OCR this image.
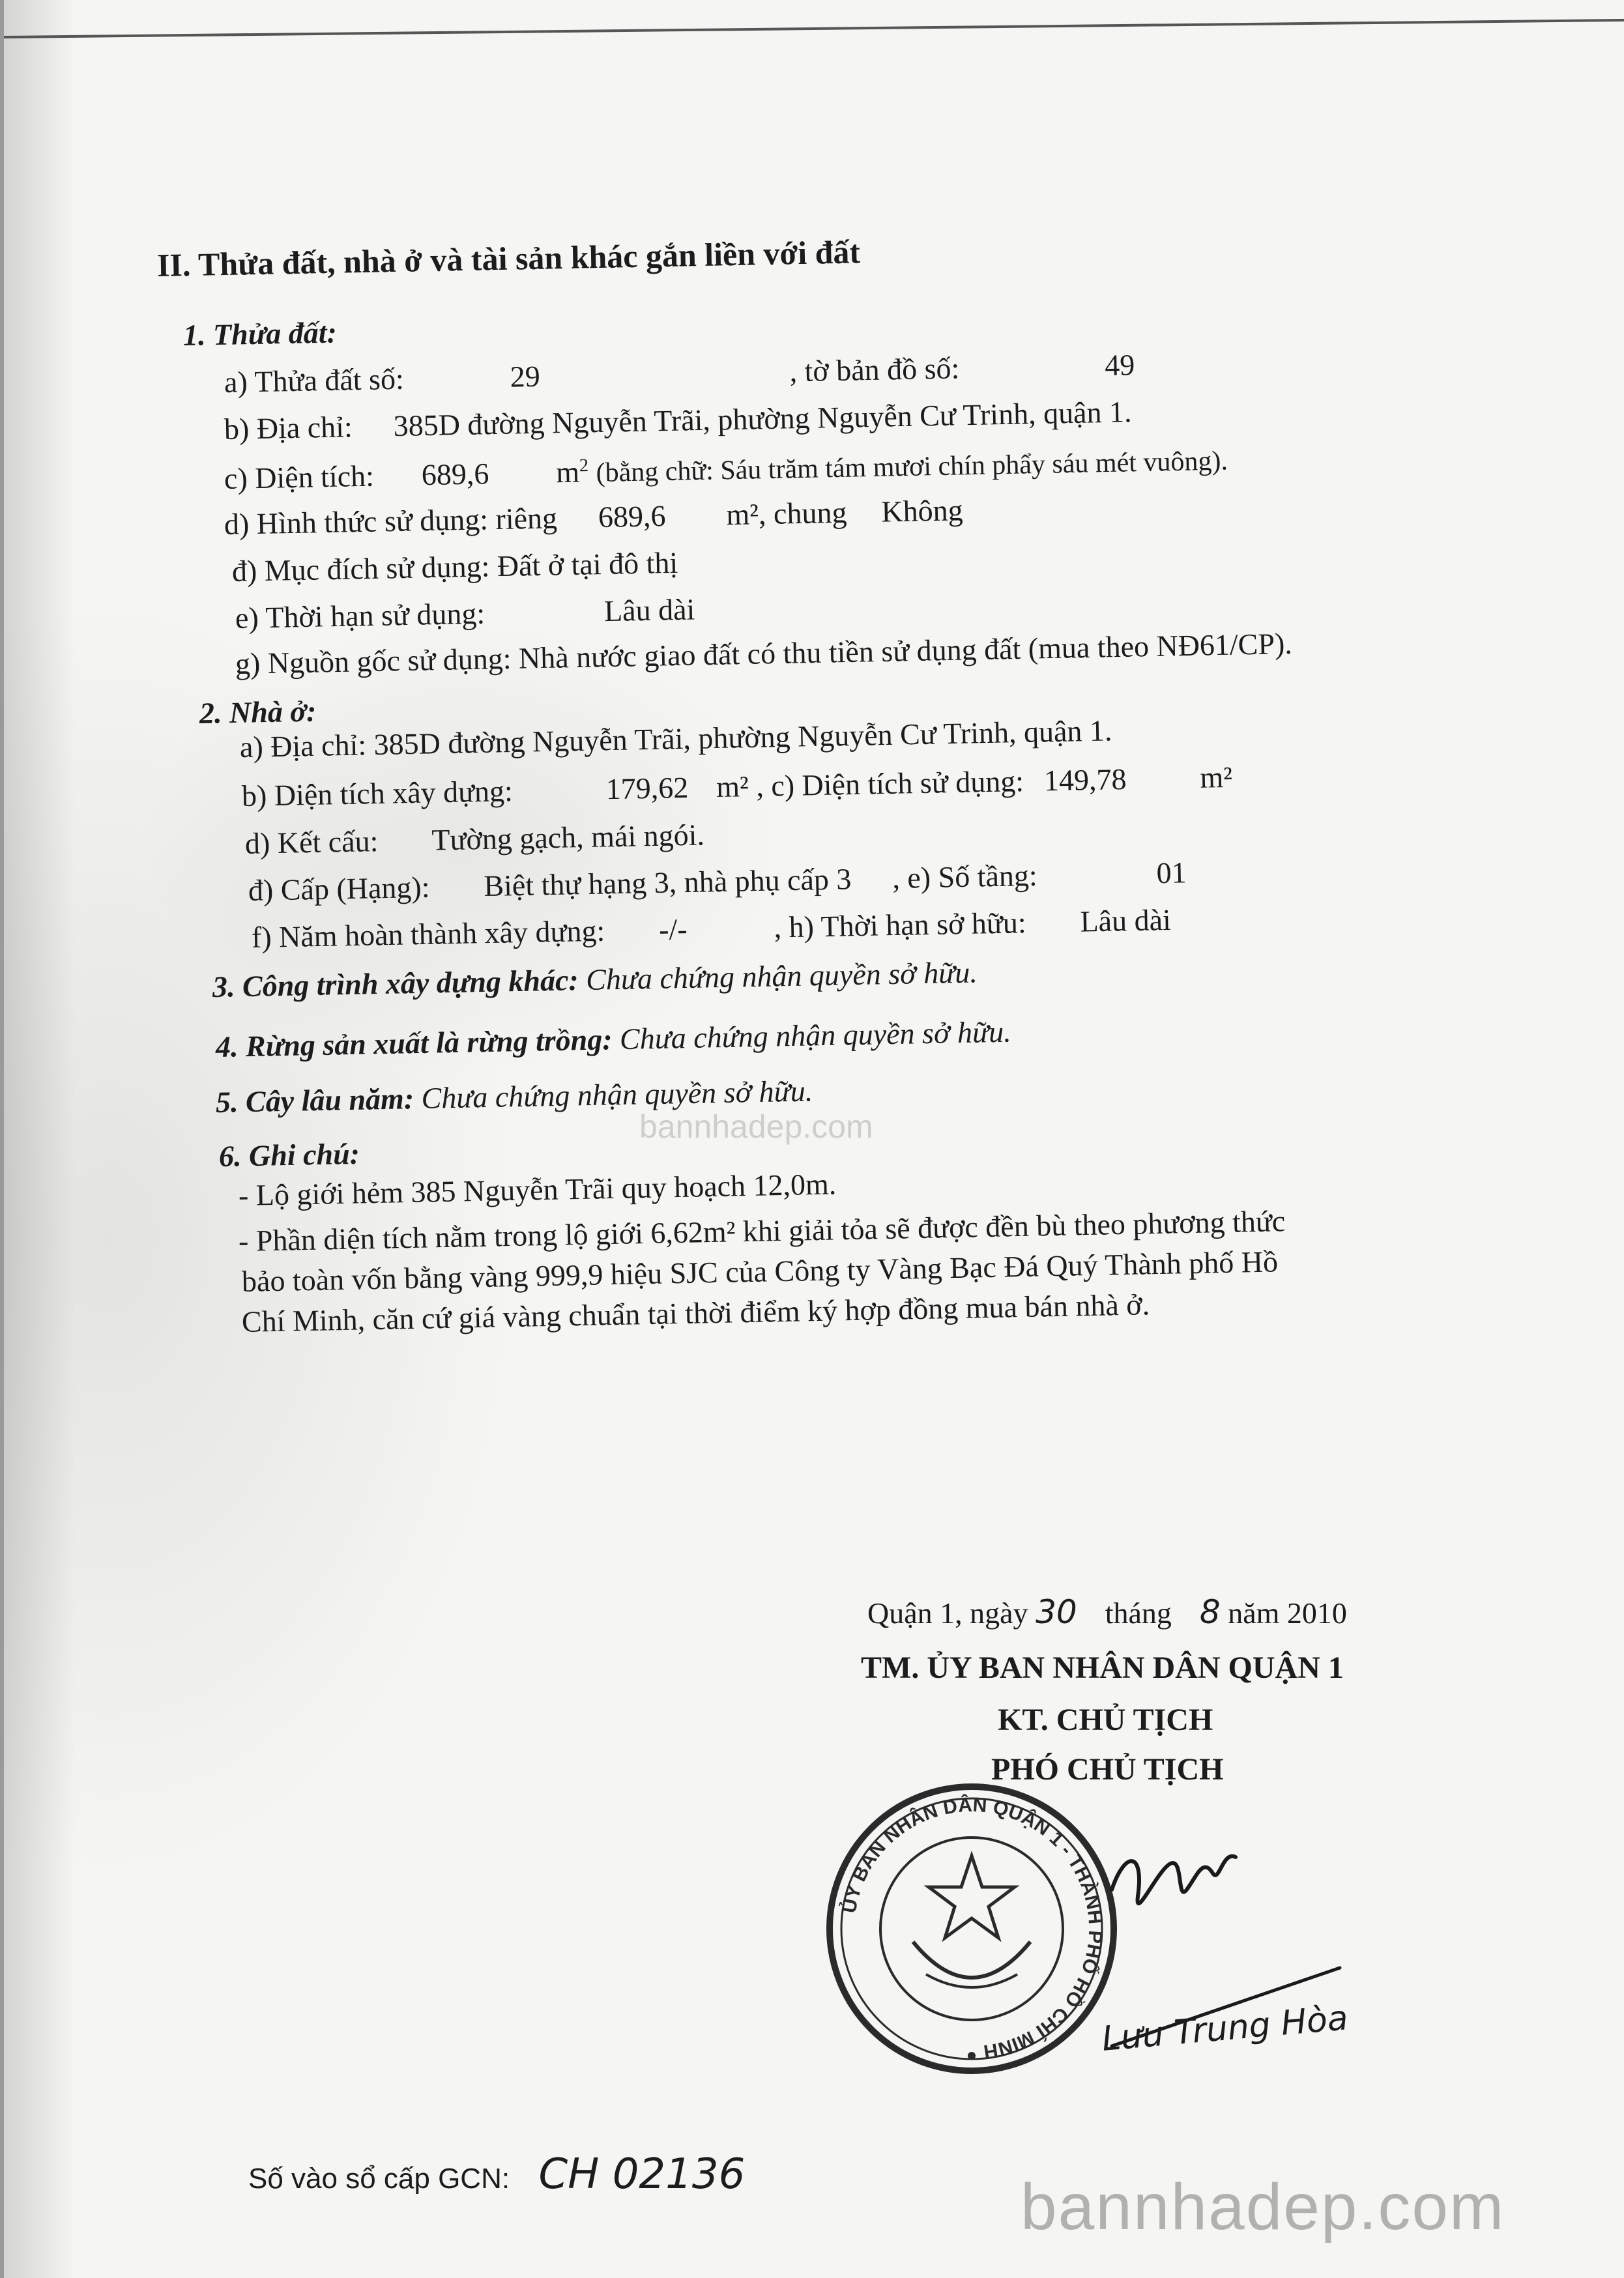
II. Thửa đất, nhà ở và tài sản khác gắn liền với đất
1. Thửa đất:
a) Thửa đất số:	29	, tờ bản đồ số:	49
b) Địa chỉ: 385D đường Nguyễn Trãi, phường Nguyễn Cư Trinh, quận 1.
c) Diện tích: 689,6 $m^2$ (bằng chữ: Sáu trăm tám mươi chín phẩy sáu mét vuông).
d) Hình thức sử dụng: riêng 689,6 m², chung Không
đ) Mục đích sử dụng: Đất ở tại đô thị
e) Thời hạn sử dụng:	Lâu dài
g) Nguồn gốc sử dụng: Nhà nước giao đất có thu tiền sử dụng đất (mua theo NĐ61/CP).
2. Nhà ở:
a) Địa chỉ: 385D đường Nguyễn Trãi, phường Nguyễn Cư Trinh, quận 1.
b) Diện tích xây dựng:	179,62 m² , c) Diện tích sử dụng: 149,78 m²
d) Kết cấu: Tường gạch, mái ngói.
đ) Cấp (Hạng): Biệt thự hạng 3, nhà phụ cấp 3 , e) Số tầng:	01
f) Năm hoàn thành xây dựng: -/-	, h) Thời hạn sở hữu: Lâu dài
3. Công trình xây dựng khác: Chưa chứng nhận quyền sở hữu.
4. Rừng sản xuất là rừng trồng: Chưa chứng nhận quyền sở hữu.
5. Cây lâu năm: Chưa chứng nhận quyền sở hữu.
bannhadep.com
6. Ghi chú:
- Lộ giới hẻm 385 Nguyễn Trãi quy hoạch 12,0m.
- Phần diện tích nằm trong lộ giới 6,62m² khi giải tỏa sẽ được đền bù theo phương thức
bảo toàn vốn bằng vàng 999,9 hiệu SJC của Công ty Vàng Bạc Đá Quý Thành phố Hồ
Chí Minh, căn cứ giá vàng chuẩn tại thời điểm ký hợp đồng mua bán nhà ở.
Quận 1, ngày 30 tháng 8 năm 2010
TM. ỦY BAN NHÂN DÂN QUẬN 1
KT. CHỦ TỊCH
PHÓ CHỦ TỊCH
ỦY BAN NHÂN DÂN QUẬN 1 - THÀNH PHỐ HỒ CHÍ MINH	Lưu Trung Hòa
Số vào sổ cấp GCN: CH 02136	bannhadep.com
